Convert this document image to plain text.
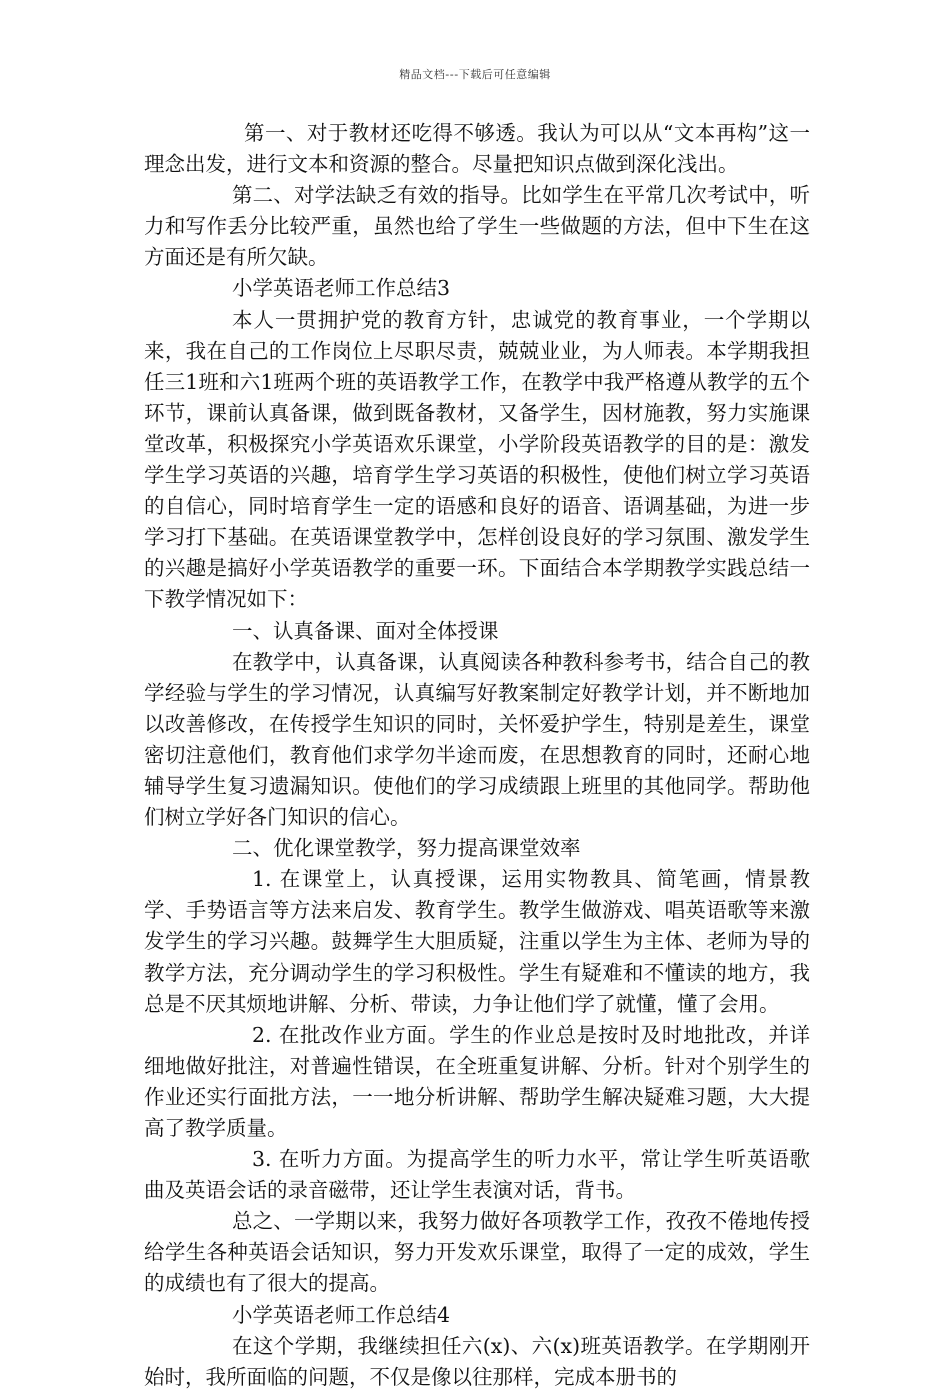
精品文档---下载后可任意编辑

第一、对于教材还吃得不够透。我认为可以从“文本再构”这一理念出发，进行文本和资源的整合。尽量把知识点做到深化浅出。

第二、对学法缺乏有效的指导。比如学生在平常几次考试中，听力和写作丢分比较严重，虽然也给了学生一些做题的方法，但中下生在这方面还是有所欠缺。

小学英语老师工作总结3

本人一贯拥护党的教育方针，忠诚党的教育事业，一个学期以来，我在自己的工作岗位上尽职尽责，兢兢业业，为人师表。本学期我担任三1班和六1班两个班的英语教学工作，在教学中我严格遵从教学的五个环节，课前认真备课，做到既备教材，又备学生，因材施教，努力实施课堂改革，积极探究小学英语欢乐课堂，小学阶段英语教学的目的是：激发学生学习英语的兴趣，培育学生学习英语的积极性，使他们树立学习英语的自信心，同时培育学生一定的语感和良好的语音、语调基础，为进一步学习打下基础。在英语课堂教学中，怎样创设良好的学习氛围、激发学生的兴趣是搞好小学英语教学的重要一环。下面结合本学期教学实践总结一下教学情况如下：

一、认真备课、面对全体授课

在教学中，认真备课，认真阅读各种教科参考书，结合自己的教学经验与学生的学习情况，认真编写好教案制定好教学计划，并不断地加以改善修改，在传授学生知识的同时，关怀爱护学生，特别是差生，课堂密切注意他们，教育他们求学勿半途而废，在思想教育的同时，还耐心地辅导学生复习遗漏知识。使他们的学习成绩跟上班里的其他同学。帮助他们树立学好各门知识的信心。

二、优化课堂教学，努力提高课堂效率

1. 在课堂上，认真授课，运用实物教具、简笔画，情景教学、手势语言等方法来启发、教育学生。教学生做游戏、唱英语歌等来激发学生的学习兴趣。鼓舞学生大胆质疑，注重以学生为主体、老师为导的教学方法，充分调动学生的学习积极性。学生有疑难和不懂读的地方，我总是不厌其烦地讲解、分析、带读，力争让他们学了就懂，懂了会用。

2. 在批改作业方面。学生的作业总是按时及时地批改，并详细地做好批注，对普遍性错误，在全班重复讲解、分析。针对个别学生的作业还实行面批方法，一一地分析讲解、帮助学生解决疑难习题，大大提高了教学质量。

3. 在听力方面。为提高学生的听力水平，常让学生听英语歌曲及英语会话的录音磁带，还让学生表演对话，背书。

总之、一学期以来，我努力做好各项教学工作，孜孜不倦地传授给学生各种英语会话知识，努力开发欢乐课堂，取得了一定的成效，学生的成绩也有了很大的提高。

小学英语老师工作总结4

在这个学期，我继续担任六(x)、六(x)班英语教学。在学期刚开始时，我所面临的问题，不仅是像以往那样，完成本册书的
